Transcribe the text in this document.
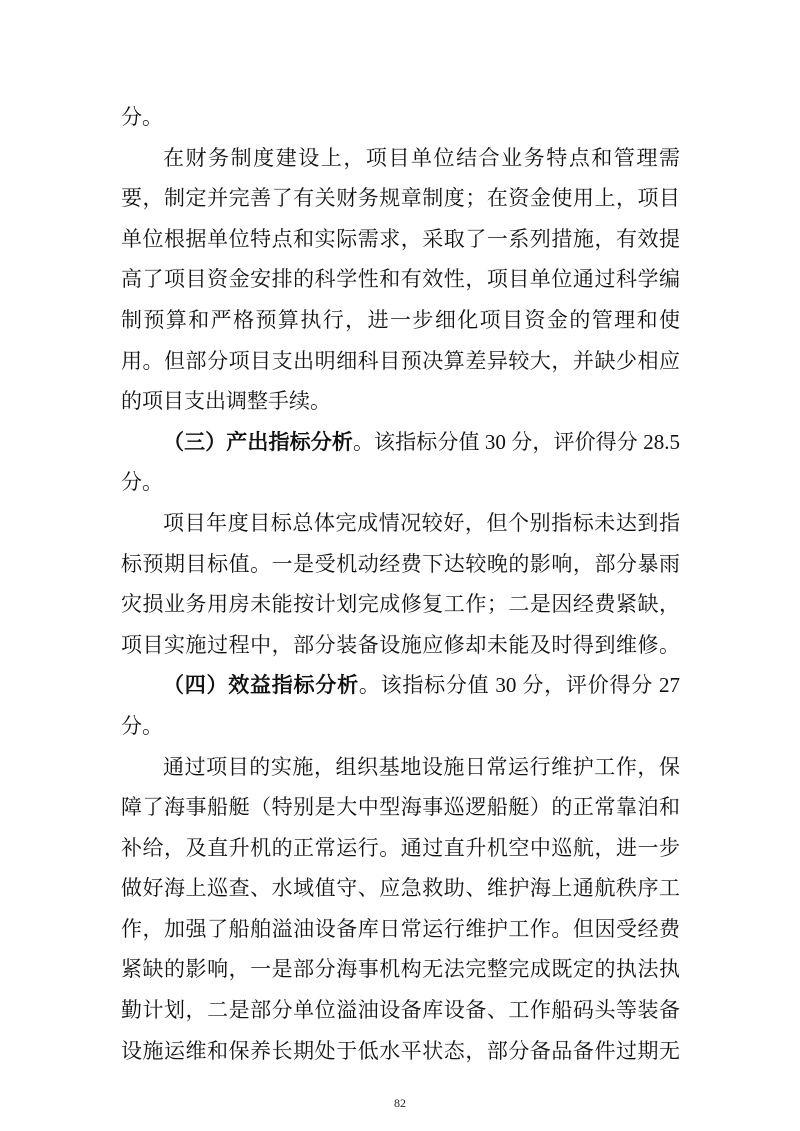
分。
在财务制度建设上，项目单位结合业务特点和管理需
要，制定并完善了有关财务规章制度；在资金使用上，项目
单位根据单位特点和实际需求，采取了一系列措施，有效提
高了项目资金安排的科学性和有效性，项目单位通过科学编
制预算和严格预算执行，进一步细化项目资金的管理和使
用。但部分项目支出明细科目预决算差异较大，并缺少相应
的项目支出调整手续。
（三）产出指标分析。该指标分值 30 分，评价得分 28.5
分。
项目年度目标总体完成情况较好，但个别指标未达到指
标预期目标值。一是受机动经费下达较晚的影响，部分暴雨
灾损业务用房未能按计划完成修复工作；二是因经费紧缺，
项目实施过程中，部分装备设施应修却未能及时得到维修。
（四）效益指标分析。该指标分值 30 分，评价得分 27
分。
通过项目的实施，组织基地设施日常运行维护工作，保
障了海事船艇（特别是大中型海事巡逻船艇）的正常靠泊和
补给，及直升机的正常运行。通过直升机空中巡航，进一步
做好海上巡查、水域值守、应急救助、维护海上通航秩序工
作，加强了船舶溢油设备库日常运行维护工作。但因受经费
紧缺的影响，一是部分海事机构无法完整完成既定的执法执
勤计划，二是部分单位溢油设备库设备、工作船码头等装备
设施运维和保养长期处于低水平状态，部分备品备件过期无
82
